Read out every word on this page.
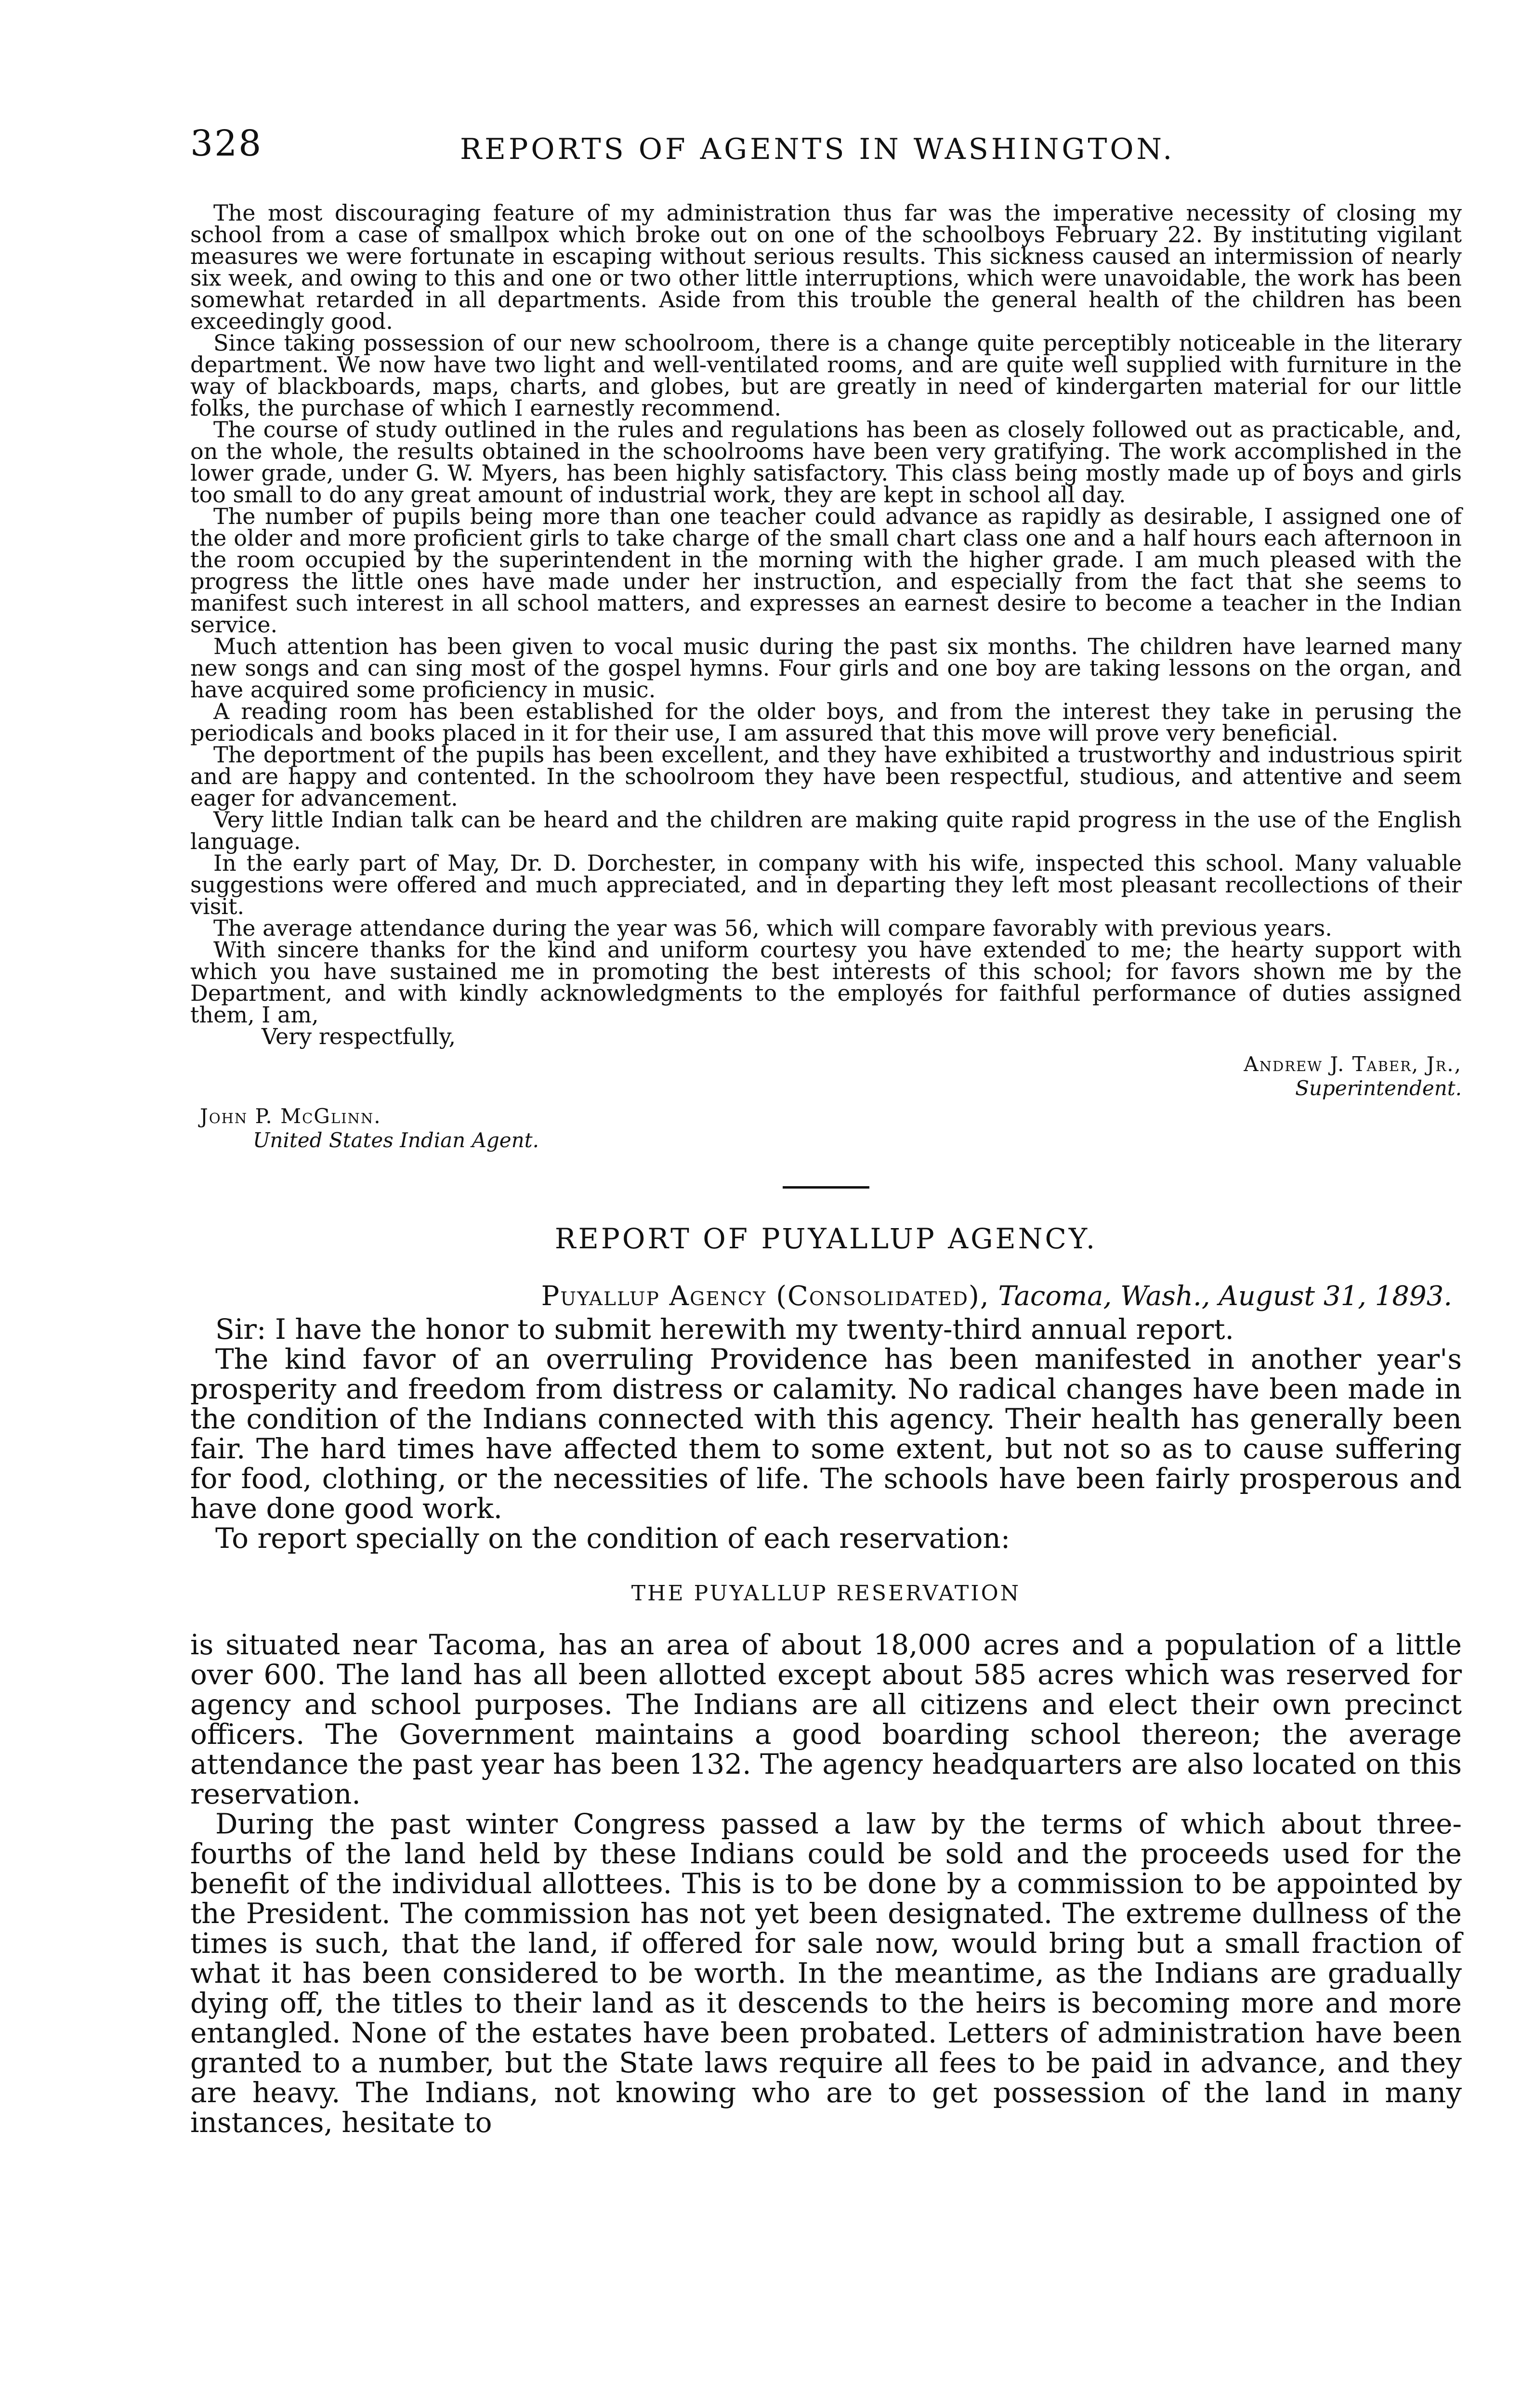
328	REPORTS OF AGENTS IN WASHINGTON.

The most discouraging feature of my administration thus far was the imperative necessity of closing my school from a case of smallpox which broke out on one of the schoolboys February 22. By instituting vigilant measures we were fortunate in escaping without serious results. This sickness caused an intermission of nearly six week, and owing to this and one or two other little interruptions, which were unavoidable, the work has been somewhat retarded in all departments. Aside from this trouble the general health of the children has been exceedingly good.

Since taking possession of our new schoolroom, there is a change quite perceptibly noticeable in the literary department. We now have two light and well-ventilated rooms, and are quite well supplied with furniture in the way of blackboards, maps, charts, and globes, but are greatly in need of kindergarten material for our little folks, the purchase of which I earnestly recommend.

The course of study outlined in the rules and regulations has been as closely followed out as practicable, and, on the whole, the results obtained in the schoolrooms have been very gratifying. The work accomplished in the lower grade, under G. W. Myers, has been highly satisfactory. This class being mostly made up of boys and girls too small to do any great amount of industrial work, they are kept in school all day.

The number of pupils being more than one teacher could advance as rapidly as desirable, I assigned one of the older and more proficient girls to take charge of the small chart class one and a half hours each afternoon in the room occupied by the superintendent in the morning with the higher grade. I am much pleased with the progress the little ones have made under her instruction, and especially from the fact that she seems to manifest such interest in all school matters, and expresses an earnest desire to become a teacher in the Indian service.

Much attention has been given to vocal music during the past six months. The children have learned many new songs and can sing most of the gospel hymns. Four girls and one boy are taking lessons on the organ, and have acquired some proficiency in music.

A reading room has been established for the older boys, and from the interest they take in perusing the periodicals and books placed in it for their use, I am assured that this move will prove very beneficial.

The deportment of the pupils has been excellent, and they have exhibited a trustworthy and industrious spirit and are happy and contented. In the schoolroom they have been respectful, studious, and attentive and seem eager for advancement.

Very little Indian talk can be heard and the children are making quite rapid progress in the use of the English language.

In the early part of May, Dr. D. Dorchester, in company with his wife, inspected this school. Many valuable suggestions were offered and much appreciated, and in departing they left most pleasant recollections of their visit.

The average attendance during the year was 56, which will compare favorably with previous years.

With sincere thanks for the kind and uniform courtesy you have extended to me; the hearty support with which you have sustained me in promoting the best interests of this school; for favors shown me by the Department, and with kindly acknowledgments to the employés for faithful performance of duties assigned them, I am,

Very respectfully,

Andrew J. Taber, Jr.,
Superintendent.
John P. McGlinn.
United States Indian Agent.
REPORT OF PUYALLUP AGENCY.
Puyallup Agency (Consolidated), Tacoma, Wash., August 31, 1893.

Sir: I have the honor to submit herewith my twenty-third annual report.

The kind favor of an overruling Providence has been manifested in another year's prosperity and freedom from distress or calamity. No radical changes have been made in the condition of the Indians connected with this agency. Their health has generally been fair. The hard times have affected them to some extent, but not so as to cause suffering for food, clothing, or the necessities of life. The schools have been fairly prosperous and have done good work.

To report specially on the condition of each reservation:

THE PUYALLUP RESERVATION

is situated near Tacoma, has an area of about 18,000 acres and a population of a little over 600. The land has all been allotted except about 585 acres which was reserved for agency and school purposes. The Indians are all citizens and elect their own precinct officers. The Government maintains a good boarding school thereon; the average attendance the past year has been 132. The agency headquarters are also located on this reservation.

During the past winter Congress passed a law by the terms of which about three-fourths of the land held by these Indians could be sold and the proceeds used for the benefit of the individual allottees. This is to be done by a commission to be appointed by the President. The commission has not yet been designated. The extreme dullness of the times is such, that the land, if offered for sale now, would bring but a small fraction of what it has been considered to be worth. In the meantime, as the Indians are gradually dying off, the titles to their land as it descends to the heirs is becoming more and more entangled. None of the estates have been probated. Letters of administration have been granted to a number, but the State laws require all fees to be paid in advance, and they are heavy. The Indians, not knowing who are to get possession of the land in many instances, hesitate to
